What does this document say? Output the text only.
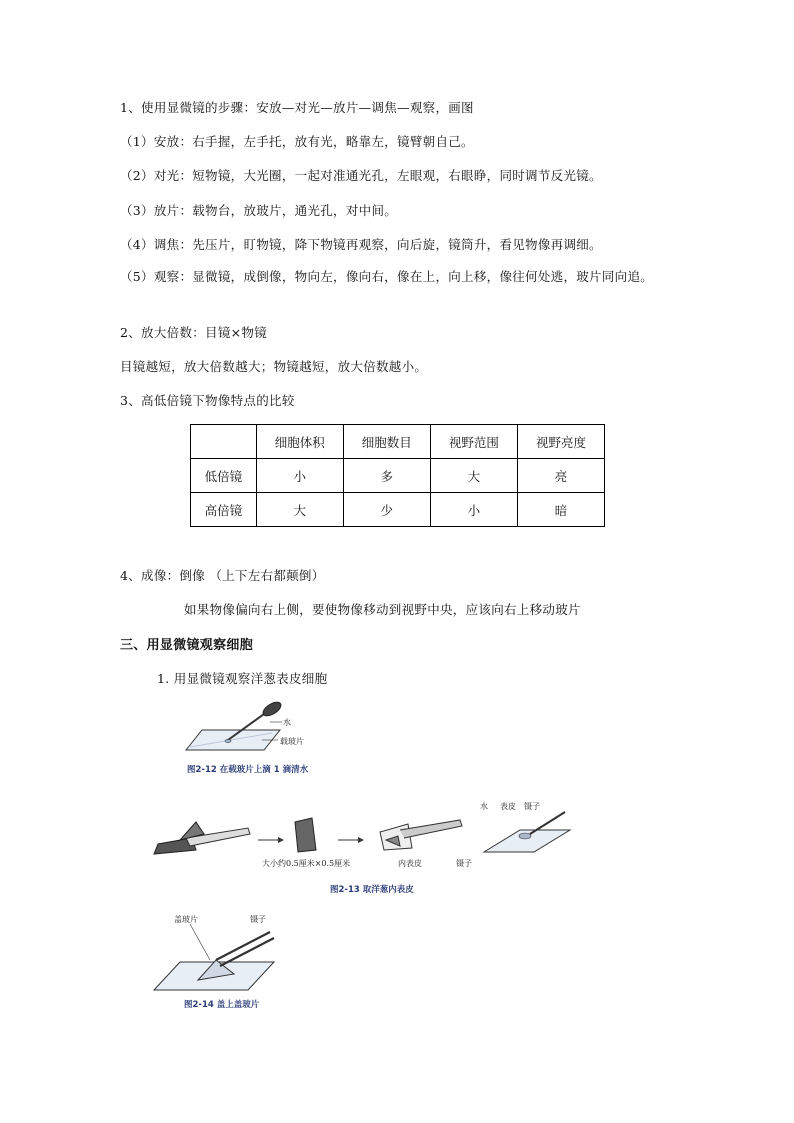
1、使用显微镜的步骤：安放—对光—放片—调焦—观察，画图
（1）安放：右手握，左手托，放有光，略靠左，镜臂朝自己。
（2）对光：短物镜，大光圈，一起对准通光孔，左眼观，右眼睁，同时调节反光镜。
（3）放片：载物台，放玻片，通光孔，对中间。
（4）调焦：先压片，盯物镜，降下物镜再观察，向后旋，镜筒升，看见物像再调细。
（5）观察：显微镜，成倒像，物向左，像向右，像在上，向上移，像往何处逃，玻片同向追。
2、放大倍数：目镜×物镜
目镜越短，放大倍数越大；物镜越短，放大倍数越小。
3、高低倍镜下物像特点的比较
	细胞体积	细胞数目	视野范围	视野亮度
低倍镜	小	多	大	亮
高倍镜	大	少	小	暗
4、成像：倒像 （上下左右都颠倒）
如果物像偏向右上侧，要使物像移动到视野中央，应该向右上移动玻片
三、用显微镜观察细胞
1. 用显微镜观察洋葱表皮细胞
水
载玻片
图2-12 在载玻片上滴 1 滴清水
水 表皮 镊子
大小约0.5厘米×0.5厘米	内表皮	镊子
图2-13 取洋葱内表皮
盖玻片	镊子
图2-14 盖上盖玻片
